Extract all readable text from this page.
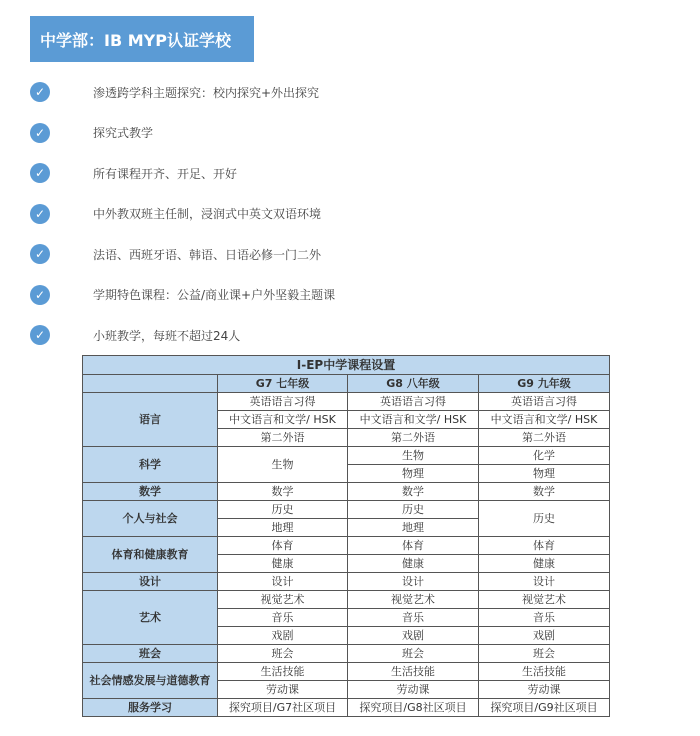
中学部：IB MYP认证学校
✓	渗透跨学科主题探究：校内探究+外出探究
✓	探究式教学
✓	所有课程开齐、开足、开好
✓	中外教双班主任制，浸润式中英文双语环境
✓	法语、西班牙语、韩语、日语必修一门二外
✓	学期特色课程：公益/商业课+户外坚毅主题课
✓	小班教学，每班不超过24人
I-EP中学课程设置			
	G7 七年级	G8 八年级	G9 九年级
语言	英语语言习得	英语语言习得	英语语言习得
	中文语言和文学/ HSK	中文语言和文学/ HSK	中文语言和文学/ HSK
	第二外语	第二外语	第二外语
科学	生物	生物	化学
		物理	物理
数学	数学	数学	数学
个人与社会	历史	历史	历史
	地理	地理	
体育和健康教育	体育	体育	体育
	健康	健康	健康
设计	设计	设计	设计
艺术	视觉艺术	视觉艺术	视觉艺术
	音乐	音乐	音乐
	戏剧	戏剧	戏剧
班会	班会	班会	班会
社会情感发展与道德教育	生活技能	生活技能	生活技能
	劳动课	劳动课	劳动课
服务学习	探究项目/G7社区项目	探究项目/G8社区项目	探究项目/G9社区项目
